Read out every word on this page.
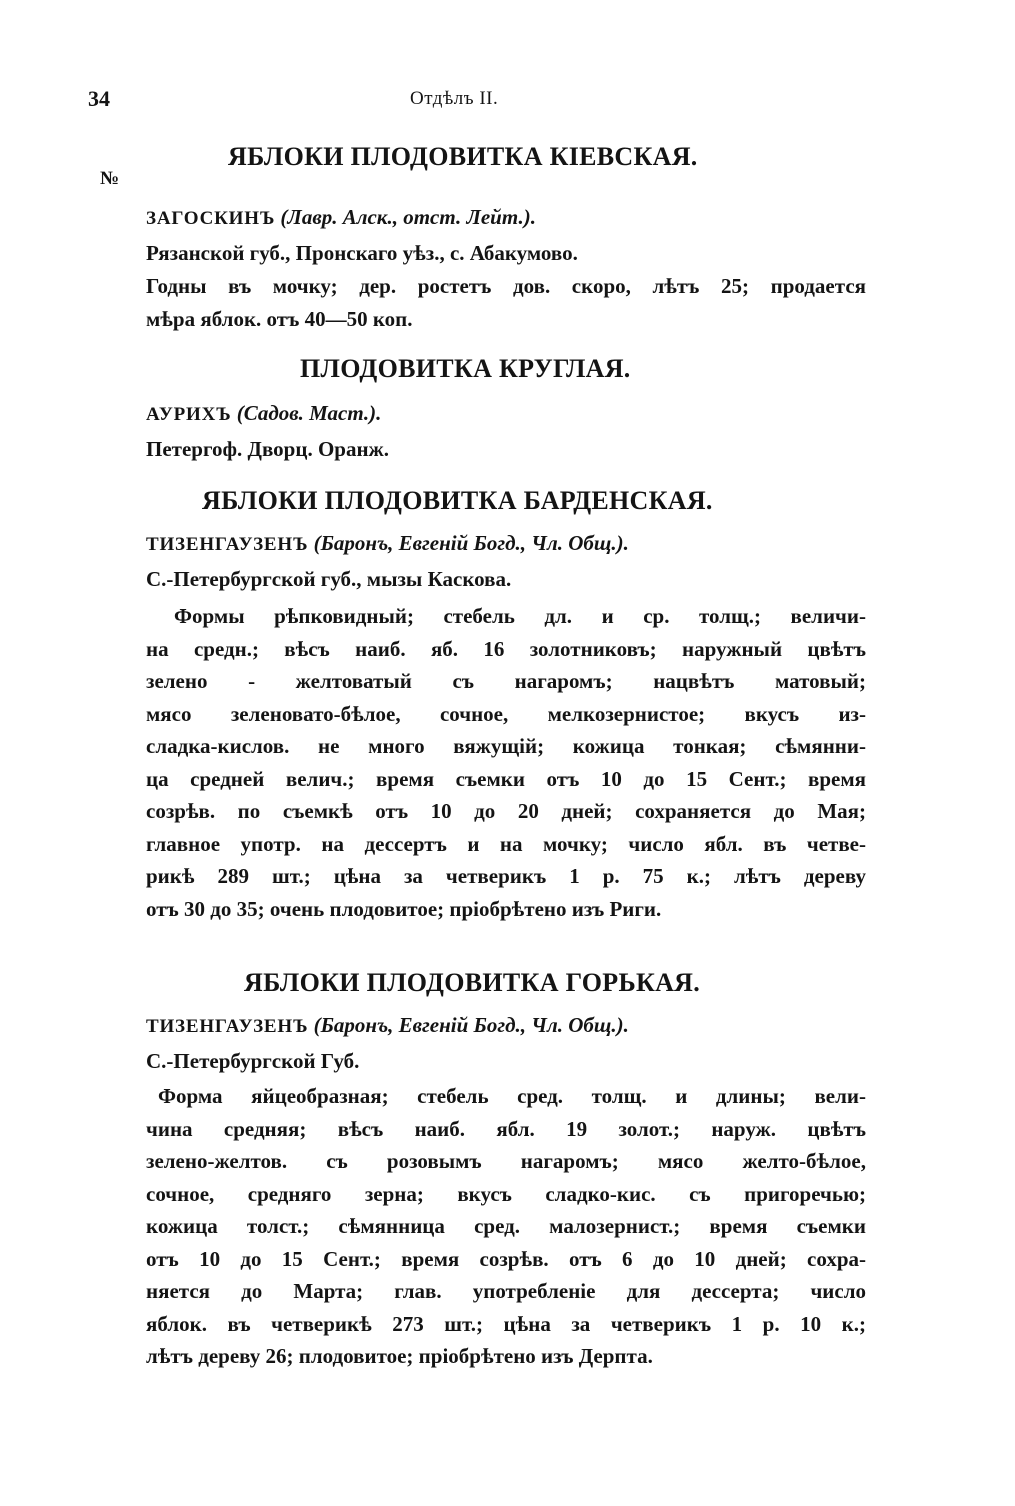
34	Отдѣлъ II.
№
ЯБЛОКИ ПЛОДОВИТКА КІЕВСКАЯ.
ЗАГОСКИНЪ (Лавр. Алск., отст. Лейт.).
Рязанской губ., Пронскаго уѣз., с. Абакумово.
Годны въ мочку; дер. ростетъ дов. скоро, лѣтъ 25; продается
мѣра яблок. отъ 40—50 коп.
ПЛОДОВИТКА КРУГЛАЯ.
АУРИХЪ (Садов. Маст.).
Петергоф. Дворц. Оранж.
ЯБЛОКИ ПЛОДОВИТКА БАРДЕНСКАЯ.
ТИЗЕНГАУЗЕНЪ (Баронъ, Евгеній Богд., Чл. Общ.).
С.-Петербургской губ., мызы Каскова.
Формы рѣпковидный; стебель дл. и ср. толщ.; величи-
на средн.; вѣсъ наиб. яб. 16 золотниковъ; наружный цвѣтъ
зелено - желтоватый съ нагаромъ; нацвѣтъ матовый;
мясо зеленовато-бѣлое, сочное, мелкозернистое; вкусъ из-
сладка-кислов. не много вяжущій; кожица тонкая; сѣмянни-
ца средней велич.; время съемки отъ 10 до 15 Сент.; время
созрѣв. по съемкѣ отъ 10 до 20 дней; сохраняется до Мая;
главное употр. на дессертъ и на мочку; число ябл. въ четве-
рикѣ 289 шт.; цѣна за четверикъ 1 р. 75 к.; лѣтъ дереву
отъ 30 до 35; очень плодовитое; пріобрѣтено изъ Риги.
ЯБЛОКИ ПЛОДОВИТКА ГОРЬКАЯ.
ТИЗЕНГАУЗЕНЪ (Баронъ, Евгеній Богд., Чл. Общ.).
С.-Петербургской Губ.
Форма яйцеобразная; стебель сред. толщ. и длины; вели-
чина средняя; вѣсъ наиб. ябл. 19 золот.; наруж. цвѣтъ
зелено-желтов. съ розовымъ нагаромъ; мясо желто-бѣлое,
сочное, средняго зерна; вкусъ сладко-кис. съ пригоречью;
кожица толст.; сѣмянница сред. малозернист.; время съемки
отъ 10 до 15 Сент.; время созрѣв. отъ 6 до 10 дней; сохра-
няется до Марта; глав. употребленіе для дессерта; число
яблок. въ четверикѣ 273 шт.; цѣна за четверикъ 1 р. 10 к.;
лѣтъ дереву 26; плодовитое; пріобрѣтено изъ Дерпта.
